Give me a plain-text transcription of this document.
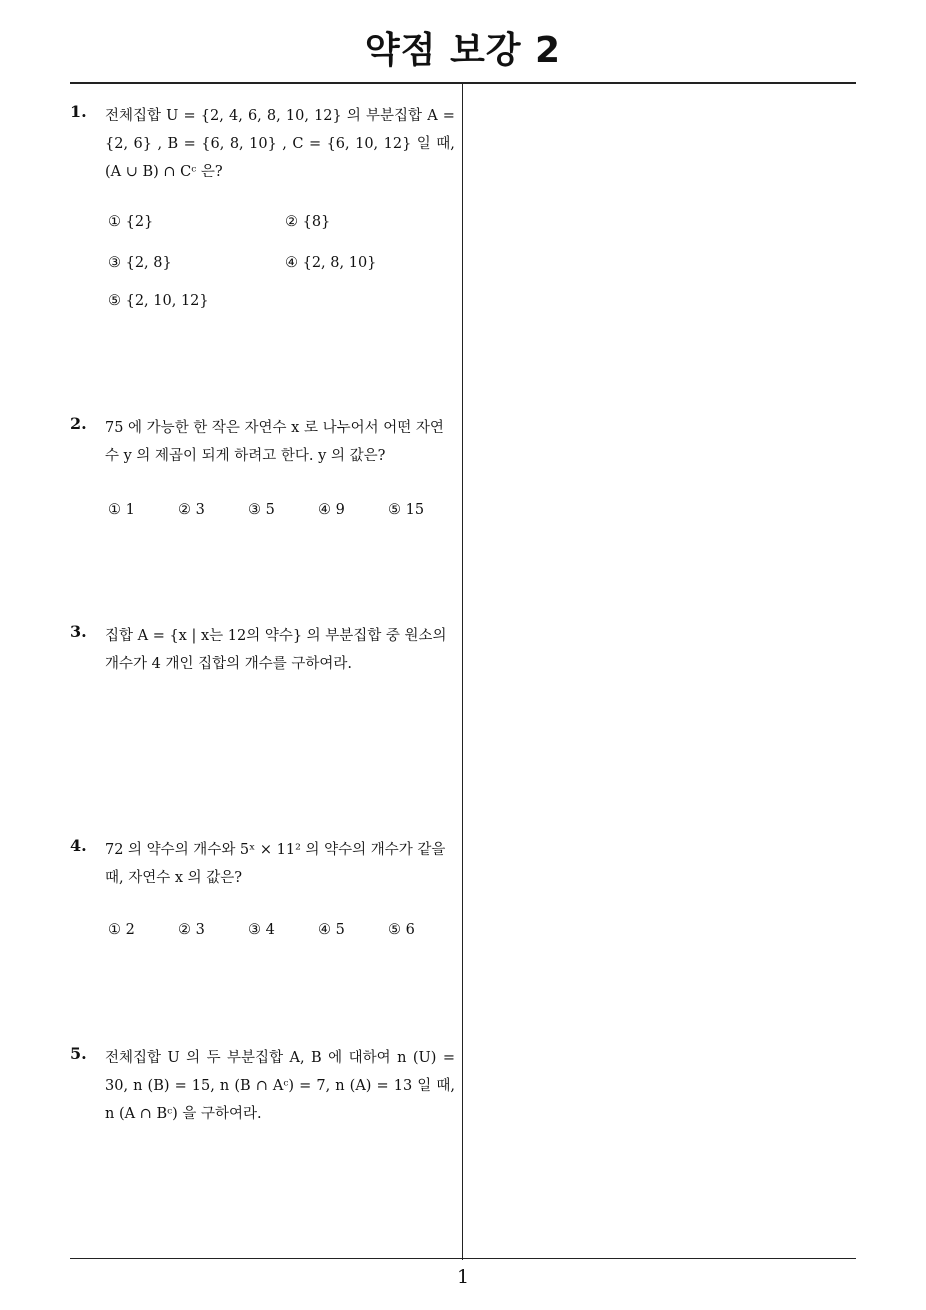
약점 보강 2
1. 전체집합 U = {2, 4, 6, 8, 10, 12} 의 부분집합 A =
{2, 6} , B = {6, 8, 10} , C = {6, 10, 12} 일 때,
(A ∪ B) ∩ Cᶜ 은?
① {2}	② {8}
③ {2, 8}	④ {2, 8, 10}
⑤ {2, 10, 12}
2. 75 에 가능한 한 작은 자연수 x 로 나누어서 어떤 자연
수 y 의 제곱이 되게 하려고 한다. y 의 값은?
① 1	② 3	③ 5	④ 9	⑤ 15
3. 집합 A = {x | x는 12의 약수} 의 부분집합 중 원소의
개수가 4 개인 집합의 개수를 구하여라.
4. 72 의 약수의 개수와 5ˣ × 11² 의 약수의 개수가 같을
때, 자연수 x 의 값은?
① 2	② 3	③ 4	④ 5	⑤ 6
5. 전체집합 U 의 두 부분집합 A, B 에 대하여 n (U) =
30, n (B) = 15, n (B ∩ Aᶜ) = 7, n (A) = 13 일 때,
n (A ∩ Bᶜ) 을 구하여라.
1
